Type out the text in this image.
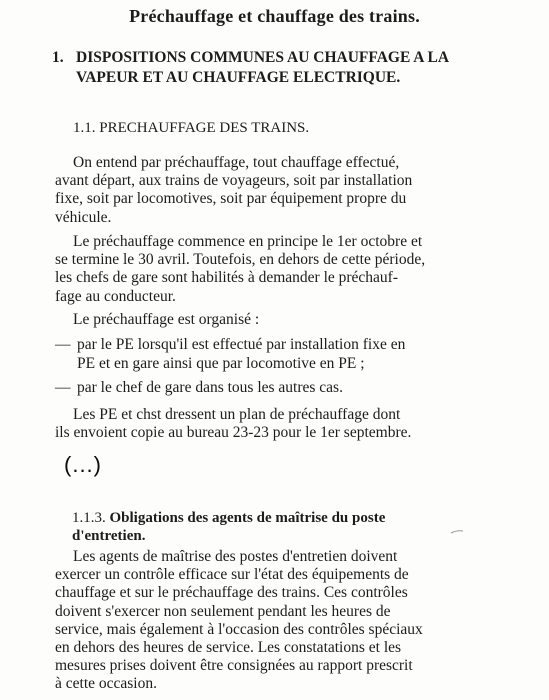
Préchauffage et chauffage des trains.
1. DISPOSITIONS COMMUNES AU CHAUFFAGE A LA
VAPEUR ET AU CHAUFFAGE ELECTRIQUE.
1.1. PRECHAUFFAGE DES TRAINS.
On entend par préchauffage, tout chauffage effectué,
avant départ, aux trains de voyageurs, soit par installation
fixe, soit par locomotives, soit par équipement propre du
véhicule.
Le préchauffage commence en principe le 1er octobre et
se termine le 30 avril. Toutefois, en dehors de cette période,
les chefs de gare sont habilités à demander le préchauf-
fage au conducteur.
Le préchauffage est organisé :
— par le PE lorsqu'il est effectué par installation fixe en
PE et en gare ainsi que par locomotive en PE ;
— par le chef de gare dans tous les autres cas.
Les PE et chst dressent un plan de préchauffage dont
ils envoient copie au bureau 23-23 pour le 1er septembre.
(...)
1.1.3. Obligations des agents de maîtrise du poste
d'entretien.
Les agents de maîtrise des postes d'entretien doivent
exercer un contrôle efficace sur l'état des équipements de
chauffage et sur le préchauffage des trains. Ces contrôles
doivent s'exercer non seulement pendant les heures de
service, mais également à l'occasion des contrôles spéciaux
en dehors des heures de service. Les constatations et les
mesures prises doivent être consignées au rapport prescrit
à cette occasion.
